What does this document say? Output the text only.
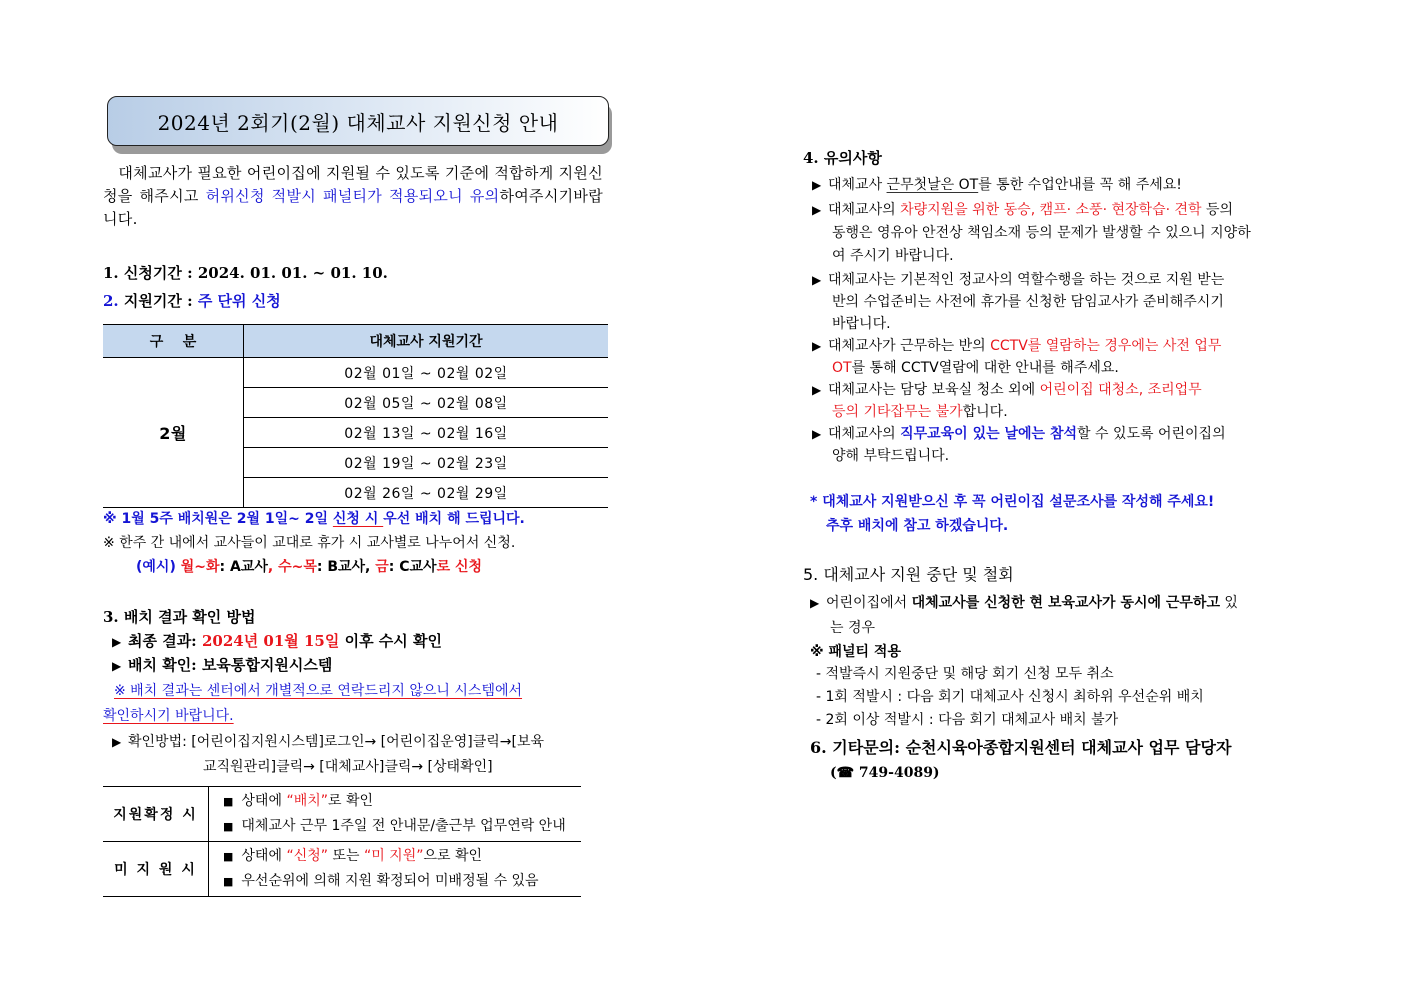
2024년 2회기(2월) 대체교사 지원신청 안내
대체교사가 필요한 어린이집에 지원될 수 있도록 기준에 적합하게 지원신청을 해주시고 허위신청 적발시 패널티가 적용되오니 유의하여주시기바랍니다.
1. 신청기간 : 2024. 01. 01. ~ 01. 10.
2. 지원기간 : 주 단위 신청
구    분	대체교사 지원기간
2월	02월 01일 ~ 02월 02일
	02월 05일 ~ 02월 08일
	02월 13일 ~ 02월 16일
	02월 19일 ~ 02월 23일
	02월 26일 ~ 02월 29일
※ 1월 5주 배치원은 2월 1일~ 2일 신청 시 우선 배치 해 드립니다.
※ 한주 간 내에서 교사들이 교대로 휴가 시 교사별로 나누어서 신청.
(예시) 월~화: A교사, 수~목: B교사, 금: C교사로 신청
3. 배치 결과 확인 방법
▶ 최종 결과: 2024년 01월 15일 이후 수시 확인
▶ 배치 확인: 보육통합지원시스템
※ 배치 결과는 센터에서 개별적으로 연락드리지 않으니 시스템에서
확인하시기 바랍니다.
▶ 확인방법: [어린이집지원시스템]로그인→ [어린이집운영]클릭→[보육
교직원관리]클릭→ [대체교사]클릭→ [상태확인]
지원확정 시	■ 상태에 “배치”로 확인
■ 대체교사 근무 1주일 전 안내문/출근부 업무연락 안내

미 지 원 시	■ 상태에 “신청” 또는 “미 지원”으로 확인
■ 우선순위에 의해 지원 확정되어 미배정될 수 있음
4. 유의사항
▶ 대체교사 근무첫날은 OT를 통한 수업안내를 꼭 해 주세요!
▶ 대체교사의 차량지원을 위한 동승, 캠프· 소풍· 현장학습· 견학 등의
동행은 영유아 안전상 책임소재 등의 문제가 발생할 수 있으니 지양하
여 주시기 바랍니다.
▶ 대체교사는 기본적인 정교사의 역할수행을 하는 것으로 지원 받는
반의 수업준비는 사전에 휴가를 신청한 담임교사가 준비해주시기
바랍니다.
▶ 대체교사가 근무하는 반의 CCTV를 열람하는 경우에는 사전 업무
OT를 통해 CCTV열람에 대한 안내를 해주세요.
▶ 대체교사는 담당 보육실 청소 외에 어린이집 대청소, 조리업무
등의 기타잡무는 불가합니다.
▶ 대체교사의 직무교육이 있는 날에는 참석할 수 있도록 어린이집의
양해 부탁드립니다.
* 대체교사 지원받으신 후 꼭 어린이집 설문조사를 작성해 주세요!
추후 배치에 참고 하겠습니다.
5. 대체교사 지원 중단 및 철회
▶ 어린이집에서 대체교사를 신청한 현 보육교사가 동시에 근무하고 있
는 경우
※ 패널티 적용
- 적발즉시 지원중단 및 해당 회기 신청 모두 취소
- 1회 적발시 : 다음 회기 대체교사 신청시 최하위 우선순위 배치
- 2회 이상 적발시 : 다음 회기 대체교사 배치 불가
6. 기타문의: 순천시육아종합지원센터 대체교사 업무 담당자
(☎ 749-4089)
